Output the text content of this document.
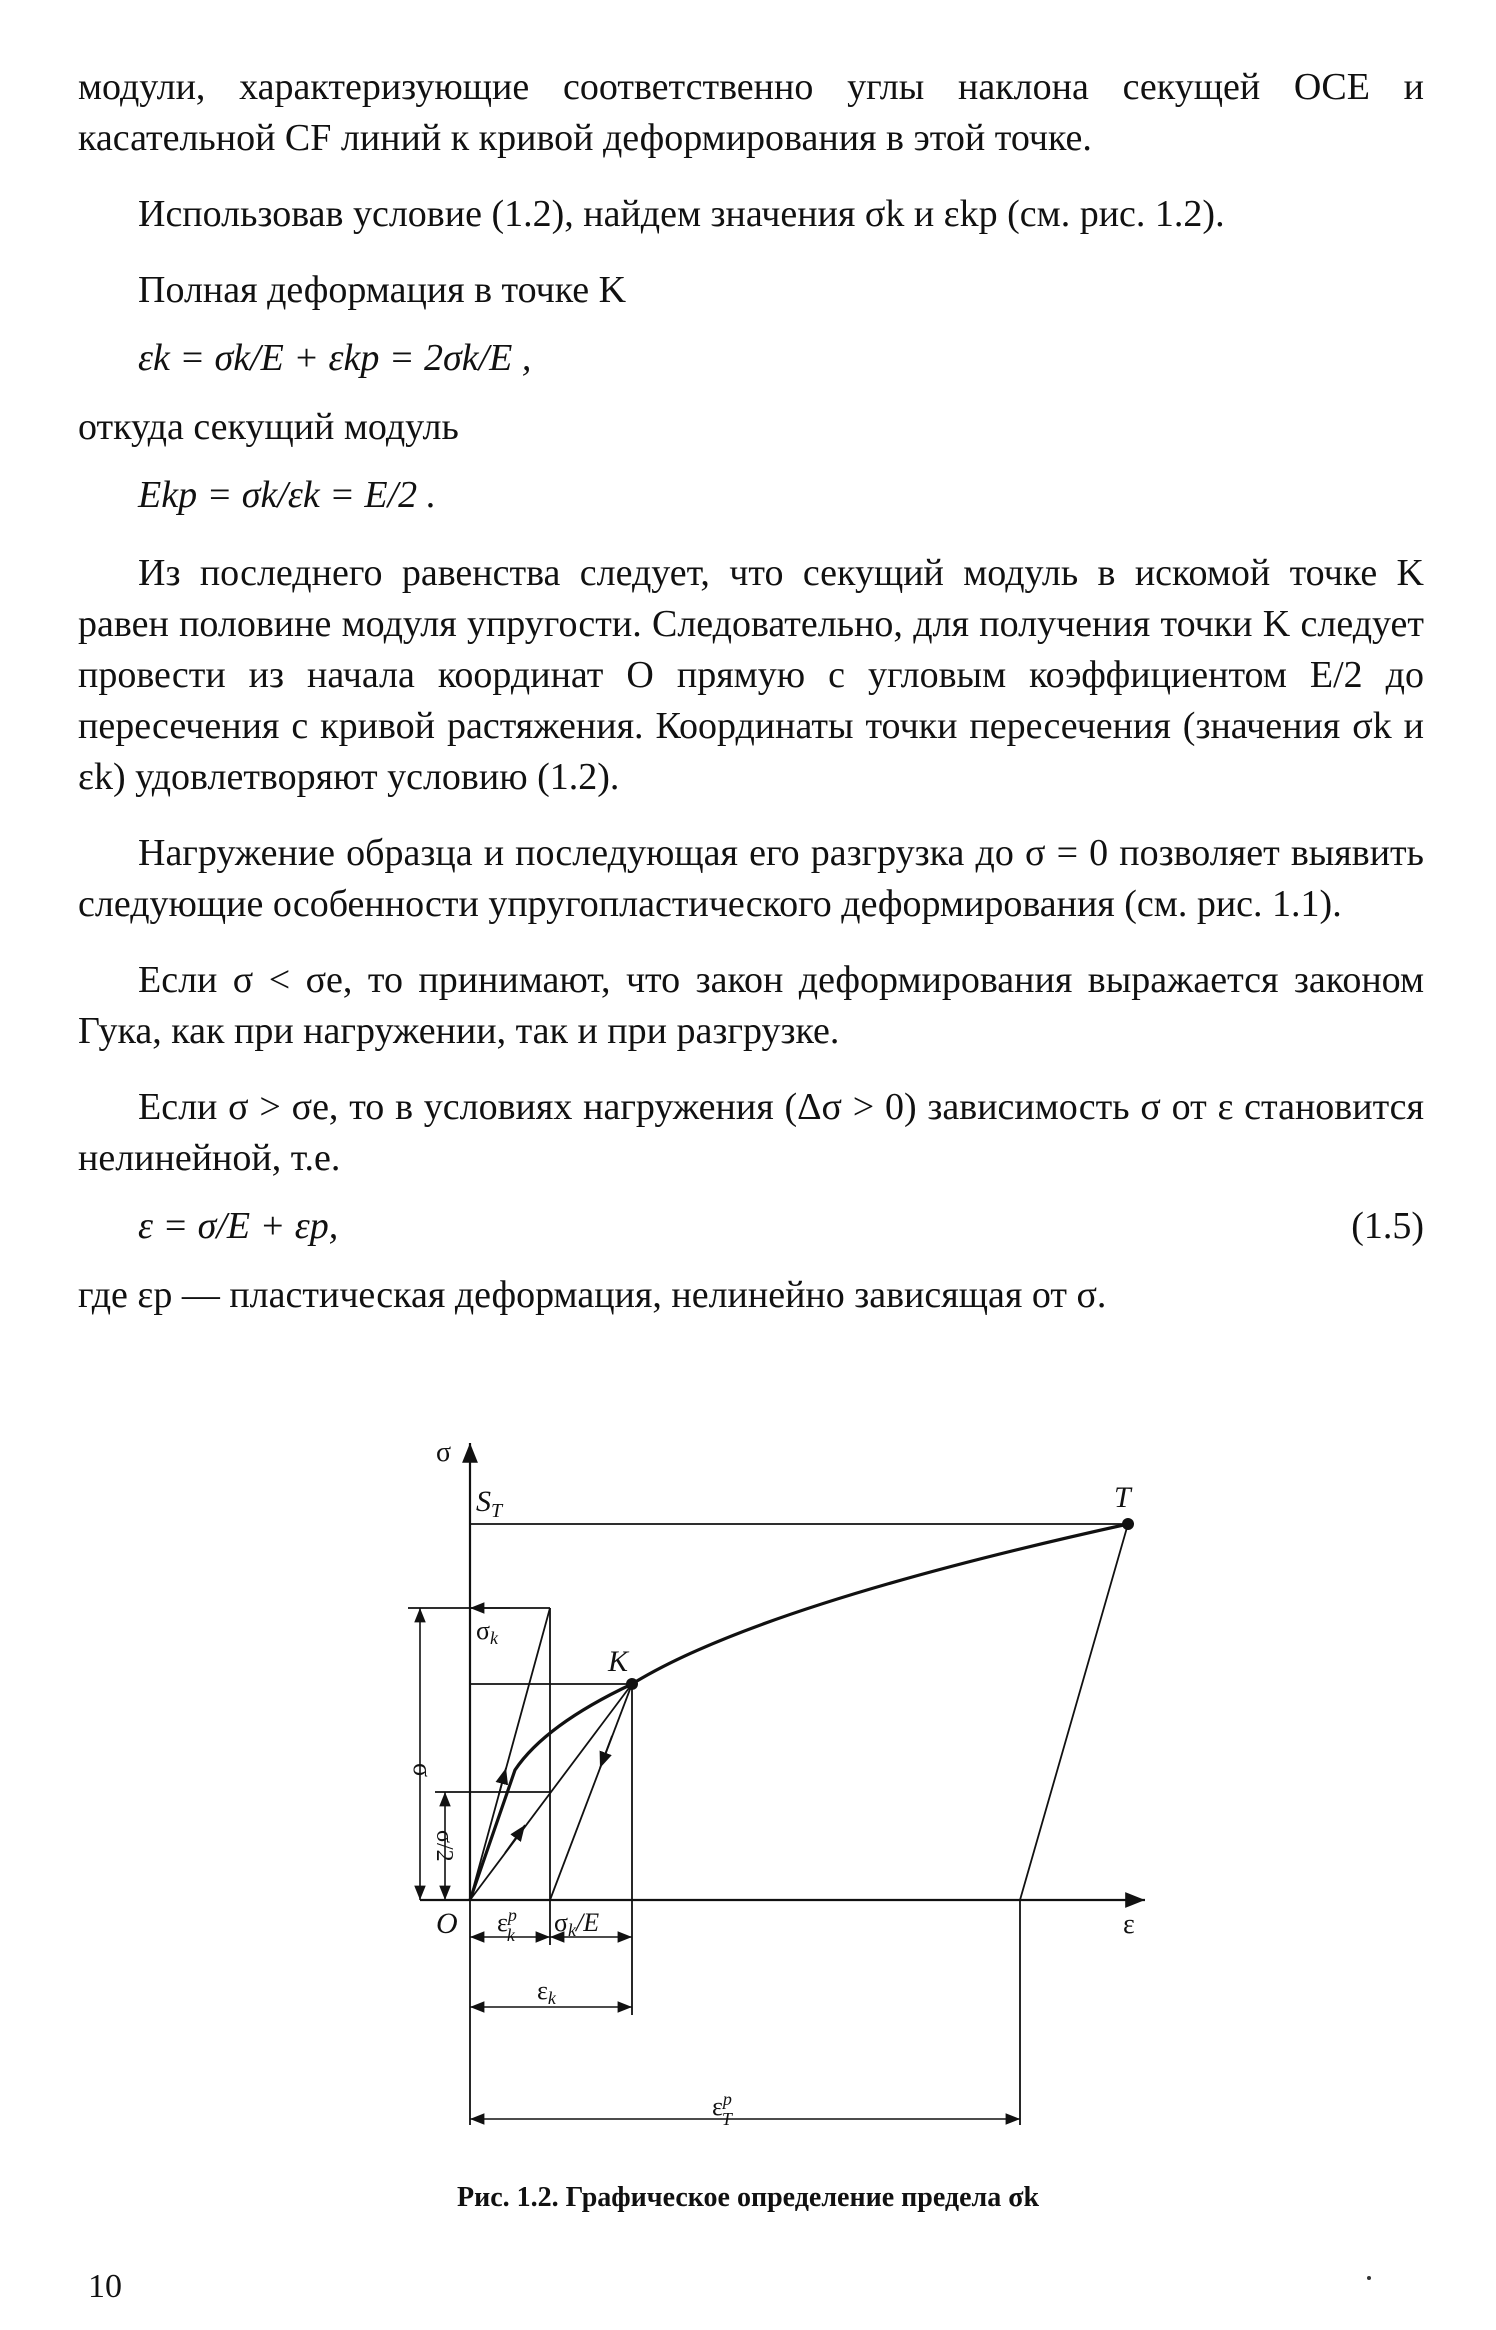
модули, характеризующие соответственно углы наклона секущей OCE и касательной CF линий к кривой деформирования в этой точке.

Использовав условие (1.2), найдем значения σk и εkp (см. рис. 1.2).

Полная деформация в точке K

εk = σk/E + εkp = 2σk/E ,

откуда секущий модуль

Ekp = σk/εk = E/2 .

Из последнего равенства следует, что секущий модуль в искомой точке K равен половине модуля упругости. Следовательно, для получения точки K следует провести из начала координат O прямую с угловым коэффициентом E/2 до пересечения с кривой растяжения. Координаты точки пересечения (значения σk и εk) удовлетворяют условию (1.2).

Нагружение образца и последующая его разгрузка до σ = 0 позволяет выявить следующие особенности упругопластического деформирования (см. рис. 1.1).

Если σ < σe, то принимают, что закон деформирования выражается законом Гука, как при нагружении, так и при разгрузке.

Если σ > σe, то в условиях нагружения (Δσ > 0) зависимость σ от ε становится нелинейной, т.е.

ε = σ/E + εp,	(1.5)

где εp — пластическая деформация, нелинейно зависящая от σ.

σ
ε
O
$S_T$	T
K
σk
σ
σ/2
$\varepsilon^p$ k σk/E
εk
$\varepsilon^p$ T
Рис. 1.2. Графическое определение предела σk
10
